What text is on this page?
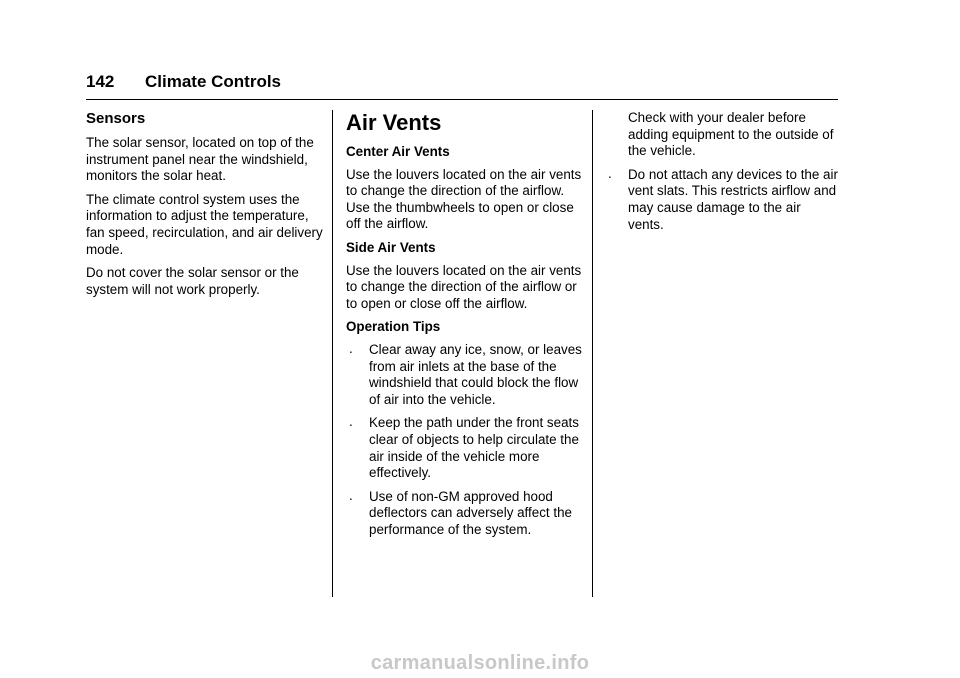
142 Climate Controls
Sensors

The solar sensor, located on top of the instrument panel near the windshield, monitors the solar heat.

The climate control system uses the information to adjust the temperature, fan speed, recirculation, and air delivery mode.

Do not cover the solar sensor or the system will not work properly.

Air Vents
Center Air Vents

Use the louvers located on the air vents to change the direction of the airflow. Use the thumbwheels to open or close off the airflow.

Side Air Vents

Use the louvers located on the air vents to change the direction of the airflow or to open or close off the airflow.

Operation Tips
. Clear away any ice, snow, or leaves from air inlets at the base of the windshield that could block the flow of air into the vehicle.
. Keep the path under the front seats clear of objects to help circulate the air inside of the vehicle more effectively.
. Use of non-GM approved hood deflectors can adversely affect the performance of the system.
Check with your dealer before adding equipment to the outside of the vehicle.
. Do not attach any devices to the air vent slats. This restricts airflow and may cause damage to the air vents.
carmanualsonline.info
